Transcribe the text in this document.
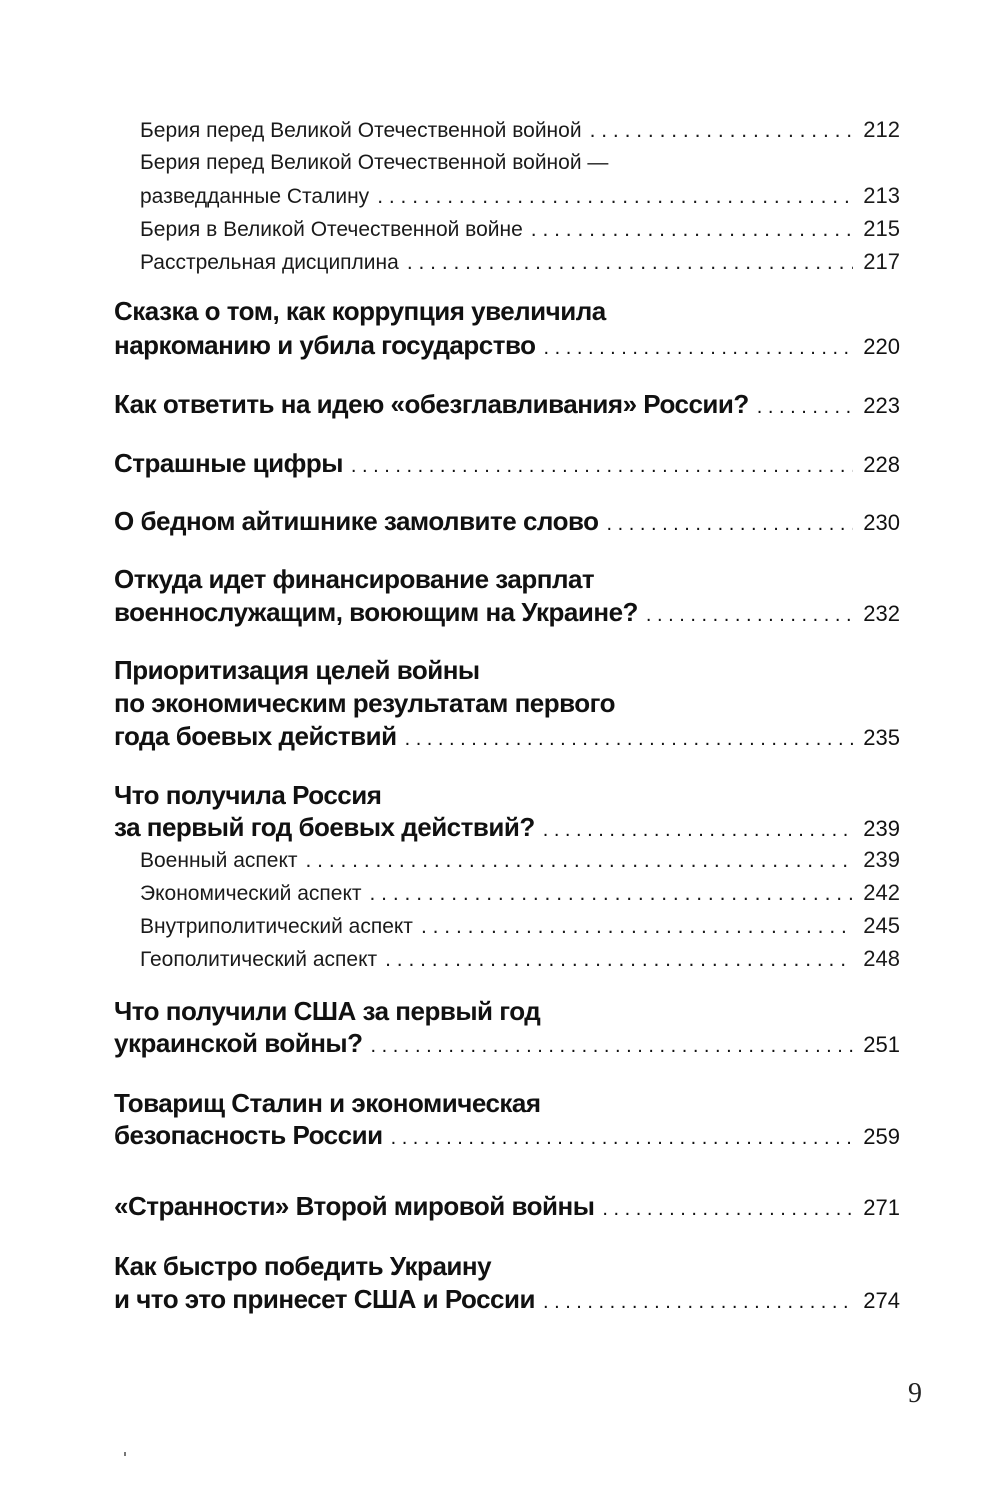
Берия перед Великой Отечественной войной . . .	212
Берия перед Великой Отечественной войной —
разведданные Сталину . . .	213
Берия в Великой Отечественной войне . . .	215
Расстрельная дисциплина . . .	217
Сказка о том, как коррупция увеличила
наркоманию и убила государство . . .	220
Как ответить на идею «обезглавливания» России? . . .	223
Страшные цифры . . .	228
О бедном айтишнике замолвите слово . . .	230
Откуда идет финансирование зарплат
военнослужащим, воюющим на Украине? . . .	232
Приоритизация целей войны
по экономическим результатам первого
года боевых действий . . .	235
Что получила Россия
за первый год боевых действий? . . .	239
Военный аспект . . .	239
Экономический аспект . . .	242
Внутриполитический аспект . . .	245
Геополитический аспект . . .	248
Что получили США за первый год
украинской войны? . . .	251
Товарищ Сталин и экономическая
безопасность России . . .	259
«Странности» Второй мировой войны . . .	271
Как быстро победить Украину
и что это принесет США и России . . .	274
9
